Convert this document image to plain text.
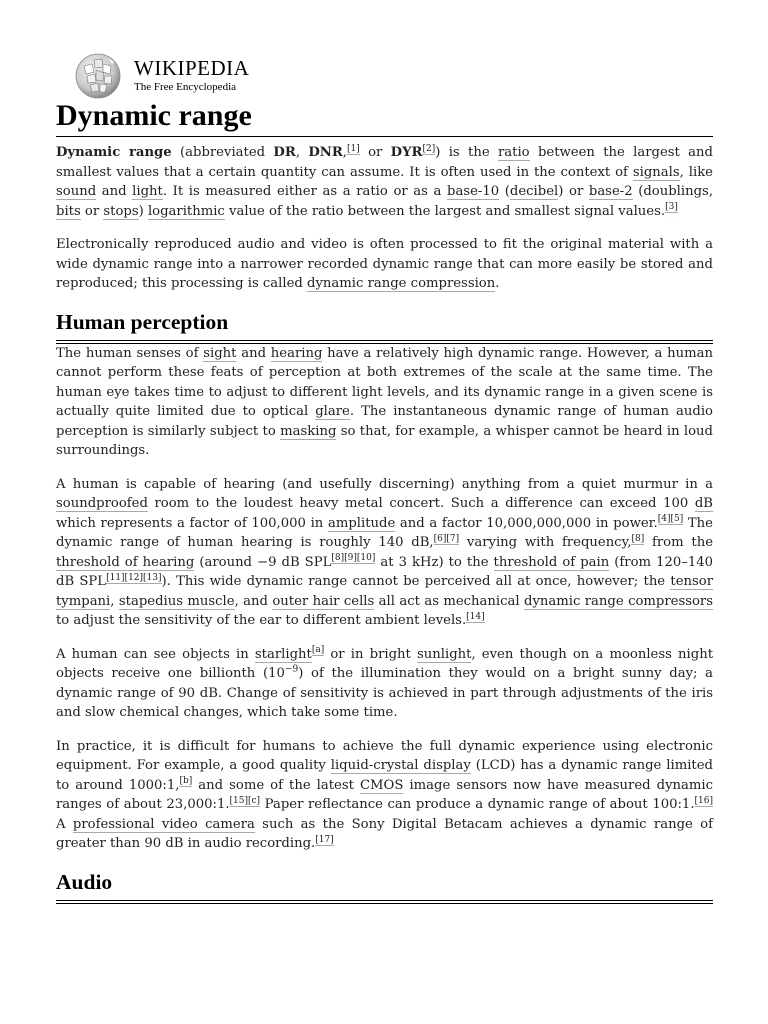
WIKIPEDIA
The Free Encyclopedia
Dynamic range

Dynamic range (abbreviated DR, DNR,[1] or DYR[2]) is the ratio between the largest and smallest values that a certain quantity can assume. It is often used in the context of signals, like sound and light. It is measured either as a ratio or as a base-10 (decibel) or base-2 (doublings, bits or stops) logarithmic value of the ratio between the largest and smallest signal values.[3]

Electronically reproduced audio and video is often processed to fit the original material with a wide dynamic range into a narrower recorded dynamic range that can more easily be stored and reproduced; this processing is called dynamic range compression.

Human perception

The human senses of sight and hearing have a relatively high dynamic range. However, a human cannot perform these feats of perception at both extremes of the scale at the same time. The human eye takes time to adjust to different light levels, and its dynamic range in a given scene is actually quite limited due to optical glare. The instantaneous dynamic range of human audio perception is similarly subject to masking so that, for example, a whisper cannot be heard in loud surroundings.

A human is capable of hearing (and usefully discerning) anything from a quiet murmur in a soundproofed room to the loudest heavy metal concert. Such a difference can exceed 100 dB which represents a factor of 100,000 in amplitude and a factor 10,000,000,000 in power.[4][5] The dynamic range of human hearing is roughly 140 dB,[6][7] varying with frequency,[8] from the threshold of hearing (around −9 dB SPL[8][9][10] at 3 kHz) to the threshold of pain (from 120–140 dB SPL[11][12][13]). This wide dynamic range cannot be perceived all at once, however; the tensor tympani, stapedius muscle, and outer hair cells all act as mechanical dynamic range compressors to adjust the sensitivity of the ear to different ambient levels.[14]

A human can see objects in starlight[a] or in bright sunlight, even though on a moonless night objects receive one billionth $(10^{-9})$ of the illumination they would on a bright sunny day; a dynamic range of 90 dB. Change of sensitivity is achieved in part through adjustments of the iris and slow chemical changes, which take some time.

In practice, it is difficult for humans to achieve the full dynamic experience using electronic equipment. For example, a good quality liquid-crystal display (LCD) has a dynamic range limited to around 1000:1,[b] and some of the latest CMOS image sensors now have measured dynamic ranges of about 23,000:1.[15][c] Paper reflectance can produce a dynamic range of about 100:1.[16] A professional video camera such as the Sony Digital Betacam achieves a dynamic range of greater than 90 dB in audio recording.[17]

Audio
